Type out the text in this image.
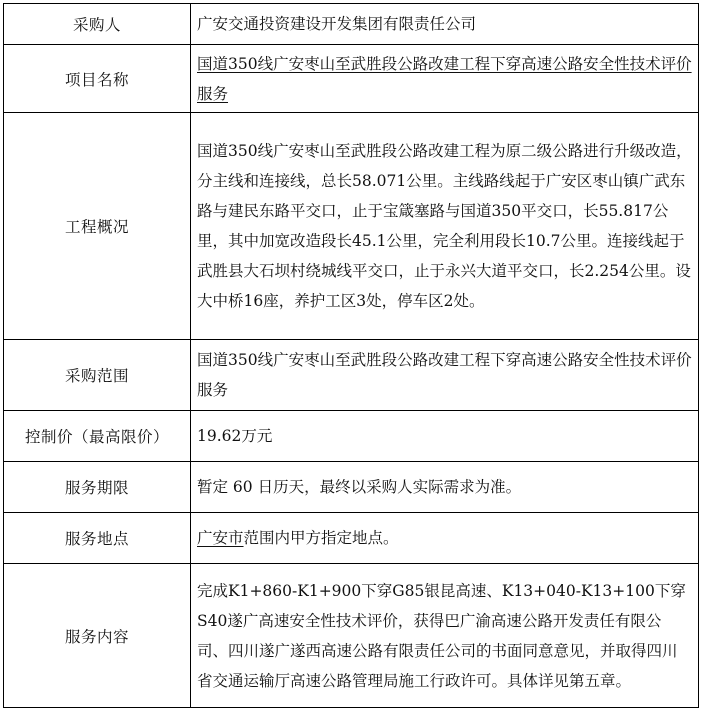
采购人	广安交通投资建设开发集团有限责任公司
项目名称	国道350线广安枣山至武胜段公路改建工程下穿高速公路安全性技术评价服务
工程概况	国道350线广安枣山至武胜段公路改建工程为原二级公路进行升级改造，分主线和连接线，总长58.071公里。主线路线起于广安区枣山镇广武东路与建民东路平交口，止于宝箴塞路与国道350平交口，长55.817公里，其中加宽改造段长45.1公里，完全利用段长10.7公里。连接线起于武胜县大石坝村绕城线平交口，止于永兴大道平交口，长2.254公里。设大中桥16座，养护工区3处，停车区2处。
采购范围	国道350线广安枣山至武胜段公路改建工程下穿高速公路安全性技术评价服务
控制价（最高限价）	19.62万元
服务期限	暂定 60 日历天，最终以采购人实际需求为准。
服务地点	广安市范围内甲方指定地点。
服务内容	完成K1+860-K1+900下穿G85银昆高速、K13+040-K13+100下穿S40遂广高速安全性技术评价，获得巴广渝高速公路开发责任有限公司、四川遂广遂西高速公路有限责任公司的书面同意意见，并取得四川省交通运输厅高速公路管理局施工行政许可。具体详见第五章。
